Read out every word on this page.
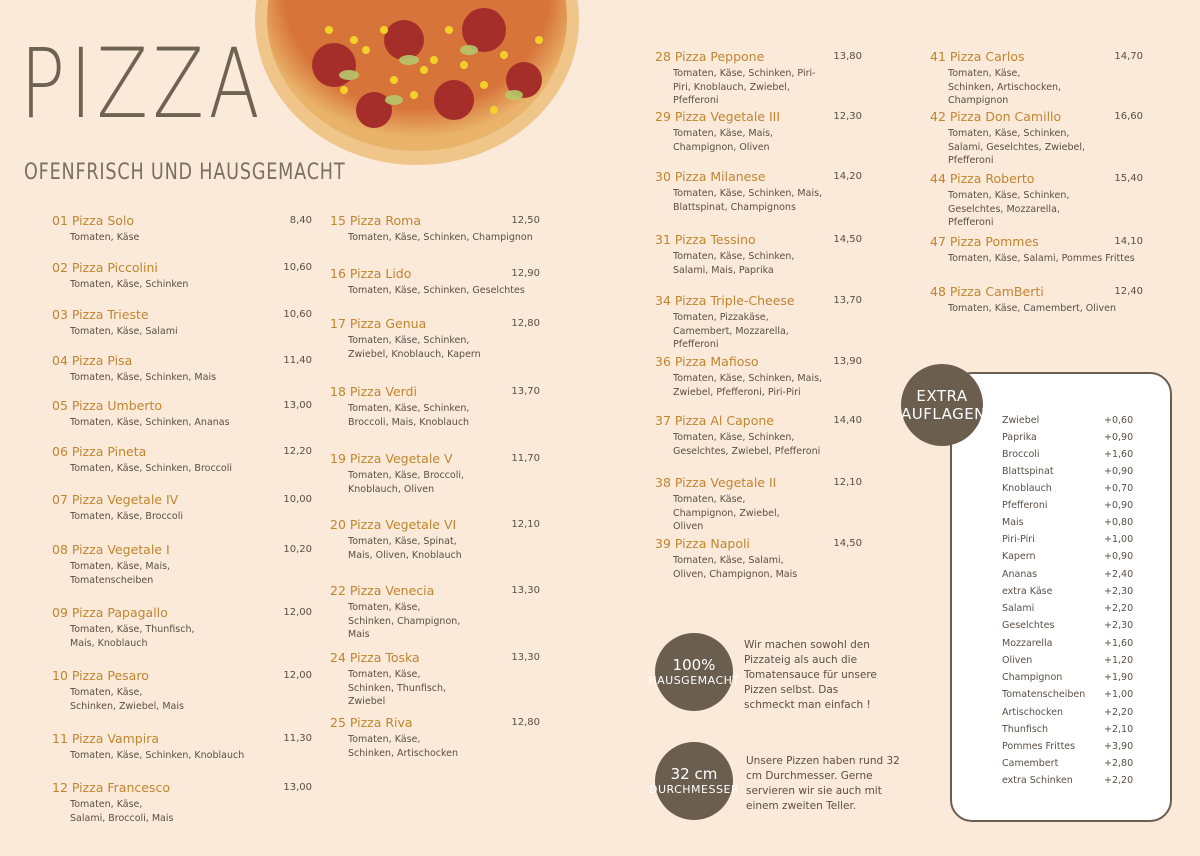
PIZZA
OFENFRISCH UND HAUSGEMACHT
01 Pizza Solo	8,40
Tomaten, Käse
02 Pizza Piccolini	10,60
Tomaten, Käse, Schinken
03 Pizza Trieste	10,60
Tomaten, Käse, Salami
04 Pizza Pisa	11,40
Tomaten, Käse, Schinken, Mais
05 Pizza Umberto	13,00
Tomaten, Käse, Schinken, Ananas
06 Pizza Pineta	12,20
Tomaten, Käse, Schinken, Broccoli
07 Pizza Vegetale IV	10,00
Tomaten, Käse, Broccoli
08 Pizza Vegetale I	10,20
Tomaten, Käse, Mais, Tomatenscheiben
09 Pizza Papagallo	12,00
Tomaten, Käse, Thunfisch, Mais, Knoblauch
10 Pizza Pesaro	12,00
Tomaten, Käse, Schinken, Zwiebel, Mais
11 Pizza Vampira	11,30
Tomaten, Käse, Schinken, Knoblauch
12 Pizza Francesco	13,00
Tomaten, Käse, Salami, Broccoli, Mais
15 Pizza Roma	12,50
Tomaten, Käse, Schinken, Champignon
16 Pizza Lido	12,90
Tomaten, Käse, Schinken, Geselchtes
17 Pizza Genua	12,80
Tomaten, Käse, Schinken, Zwiebel, Knoblauch, Kapern
18 Pizza Verdi	13,70
Tomaten, Käse, Schinken, Broccoli, Mais, Knoblauch
19 Pizza Vegetale V	11,70
Tomaten, Käse, Broccoli, Knoblauch, Oliven
20 Pizza Vegetale VI	12,10
Tomaten, Käse, Spinat, Mais, Oliven, Knoblauch
22 Pizza Venecia	13,30
Tomaten, Käse, Schinken, Champignon, Mais
24 Pizza Toska	13,30
Tomaten, Käse, Schinken, Thunfisch, Zwiebel
25 Pizza Riva	12,80
Tomaten, Käse, Schinken, Artischocken
28 Pizza Peppone	13,80
Tomaten, Käse, Schinken, Piri-Piri, Knoblauch, Zwiebel, Pfefferoni
29 Pizza Vegetale III	12,30
Tomaten, Käse, Mais, Champignon, Oliven
30 Pizza Milanese	14,20
Tomaten, Käse, Schinken, Mais, Blattspinat, Champignons
31 Pizza Tessino	14,50
Tomaten, Käse, Schinken, Salami, Mais, Paprika
34 Pizza Triple-Cheese	13,70
Tomaten, Pizzakäse, Camembert, Mozzarella, Pfefferoni
36 Pizza Mafioso	13,90
Tomaten, Käse, Schinken, Mais, Zwiebel, Pfefferoni, Piri-Piri
37 Pizza Al Capone	14,40
Tomaten, Käse, Schinken, Geselchtes, Zwiebel, Pfefferoni
38 Pizza Vegetale II	12,10
Tomaten, Käse, Champignon, Zwiebel, Oliven
39 Pizza Napoli	14,50
Tomaten, Käse, Salami, Oliven, Champignon, Mais
41 Pizza Carlos	14,70
Tomaten, Käse, Schinken, Artischocken, Champignon
42 Pizza Don Camillo	16,60
Tomaten, Käse, Schinken, Salami, Geselchtes, Zwiebel, Pfefferoni
44 Pizza Roberto	15,40
Tomaten, Käse, Schinken, Geselchtes, Mozzarella, Pfefferoni
47 Pizza Pommes	14,10
Tomaten, Käse, Salami, Pommes Frittes
48 Pizza CamBerti	12,40
Tomaten, Käse, Camembert, Oliven
100%
HAUSGEMACHT
Wir machen sowohl den Pizzateig als auch die Tomatensauce für unsere Pizzen selbst. Das schmeckt man einfach !
32 cm
DURCHMESSER
Unsere Pizzen haben rund 32 cm Durchmesser. Gerne servieren wir sie auch mit einem zweiten Teller.
Zwiebel	+0,60
Paprika	+0,90
Broccoli	+1,60
Blattspinat	+0,90
Knoblauch	+0,70
Pfefferoni	+0,90
Mais	+0,80
Piri-Piri	+1,00
Kapern	+0,90
Ananas	+2,40
extra Käse	+2,30
Salami	+2,20
Geselchtes	+2,30
Mozzarella	+1,60
Oliven	+1,20
Champignon	+1,90
Tomatenscheiben +1,00
Artischocken	+2,20
Thunfisch	+2,10
Pommes Frittes	+3,90
Camembert	+2,80
extra Schinken	+2,20
EXTRA
AUFLAGEN
